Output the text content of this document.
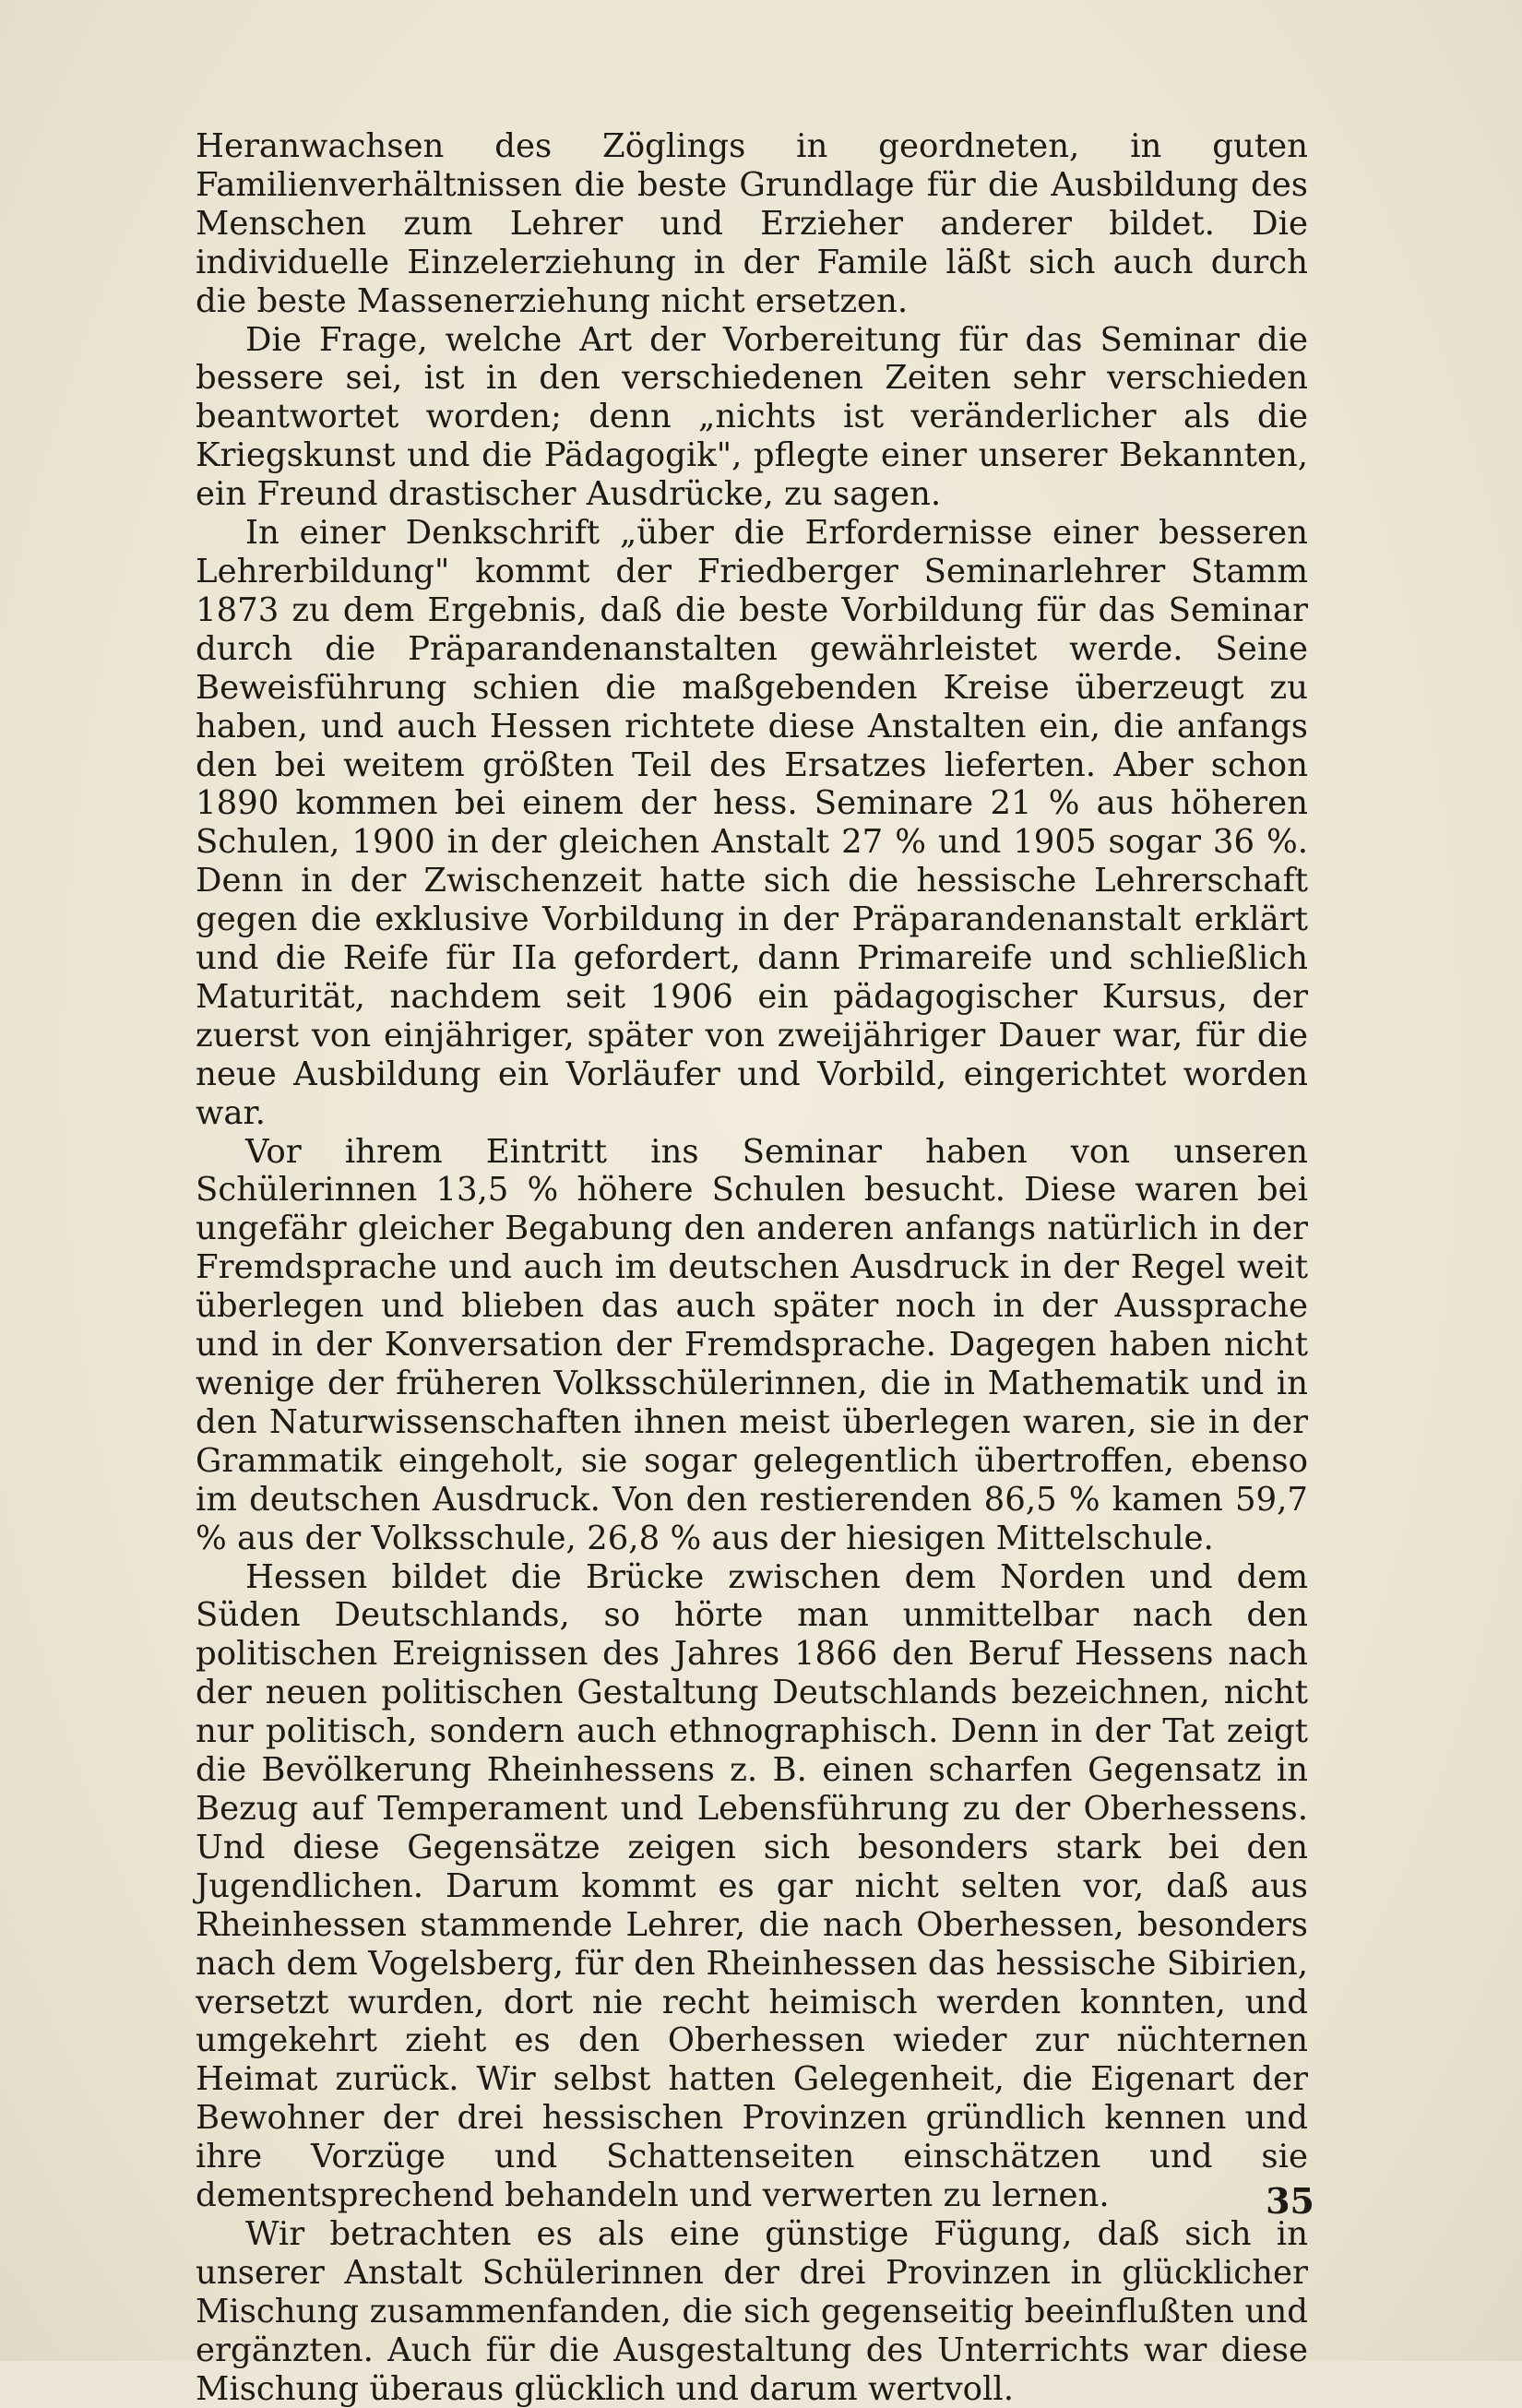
Heranwachsen des Zöglings in geordneten, in guten Familienverhältnissen die beste Grundlage für die Ausbildung des Menschen zum Lehrer und Erzieher anderer bildet. Die individuelle Einzelerziehung in der Famile läßt sich auch durch die beste Massenerziehung nicht ersetzen.

Die Frage, welche Art der Vorbereitung für das Seminar die bessere sei, ist in den verschiedenen Zeiten sehr verschieden beantwortet worden; denn „nichts ist veränderlicher als die Kriegskunst und die Pädagogik", pflegte einer unserer Bekannten, ein Freund drastischer Ausdrücke, zu sagen.

In einer Denkschrift „über die Erfordernisse einer besseren Lehrerbildung" kommt der Friedberger Seminarlehrer Stamm 1873 zu dem Ergebnis, daß die beste Vorbildung für das Seminar durch die Präparandenanstalten gewährleistet werde. Seine Beweisführung schien die maßgebenden Kreise überzeugt zu haben, und auch Hessen richtete diese Anstalten ein, die anfangs den bei weitem größten Teil des Ersatzes lieferten. Aber schon 1890 kommen bei einem der hess. Seminare 21 % aus höheren Schulen, 1900 in der gleichen Anstalt 27 % und 1905 sogar 36 %. Denn in der Zwischenzeit hatte sich die hessische Lehrerschaft gegen die exklusive Vorbildung in der Präparandenanstalt erklärt und die Reife für IIa gefordert, dann Primareife und schließlich Maturität, nachdem seit 1906 ein pädagogischer Kursus, der zuerst von einjähriger, später von zweijähriger Dauer war, für die neue Ausbildung ein Vorläufer und Vorbild, eingerichtet worden war.

Vor ihrem Eintritt ins Seminar haben von unseren Schülerinnen 13,5 % höhere Schulen besucht. Diese waren bei ungefähr gleicher Begabung den anderen anfangs natürlich in der Fremdsprache und auch im deutschen Ausdruck in der Regel weit überlegen und blieben das auch später noch in der Aussprache und in der Konversation der Fremdsprache. Dagegen haben nicht wenige der früheren Volksschülerinnen, die in Mathematik und in den Naturwissenschaften ihnen meist überlegen waren, sie in der Grammatik eingeholt, sie sogar gelegentlich übertroffen, ebenso im deutschen Ausdruck. Von den restierenden 86,5 % kamen 59,7 % aus der Volksschule, 26,8 % aus der hiesigen Mittelschule.

Hessen bildet die Brücke zwischen dem Norden und dem Süden Deutschlands, so hörte man unmittelbar nach den politischen Ereignissen des Jahres 1866 den Beruf Hessens nach der neuen politischen Gestaltung Deutschlands bezeichnen, nicht nur politisch, sondern auch ethnographisch. Denn in der Tat zeigt die Bevölkerung Rheinhessens z. B. einen scharfen Gegensatz in Bezug auf Temperament und Lebensführung zu der Oberhessens. Und diese Gegensätze zeigen sich besonders stark bei den Jugendlichen. Darum kommt es gar nicht selten vor, daß aus Rheinhessen stammende Lehrer, die nach Oberhessen, besonders nach dem Vogelsberg, für den Rheinhessen das hessische Sibirien, versetzt wurden, dort nie recht heimisch werden konnten, und umgekehrt zieht es den Oberhessen wieder zur nüchternen Heimat zurück. Wir selbst hatten Gelegenheit, die Eigenart der Bewohner der drei hessischen Provinzen gründlich kennen und ihre Vorzüge und Schattenseiten einschätzen und sie dementsprechend behandeln und verwerten zu lernen.

Wir betrachten es als eine günstige Fügung, daß sich in unserer Anstalt Schülerinnen der drei Provinzen in glücklicher Mischung zusammenfanden, die sich gegenseitig beeinflußten und ergänzten. Auch für die Ausgestaltung des Unterrichts war diese Mischung überaus glücklich und darum wertvoll.

35
